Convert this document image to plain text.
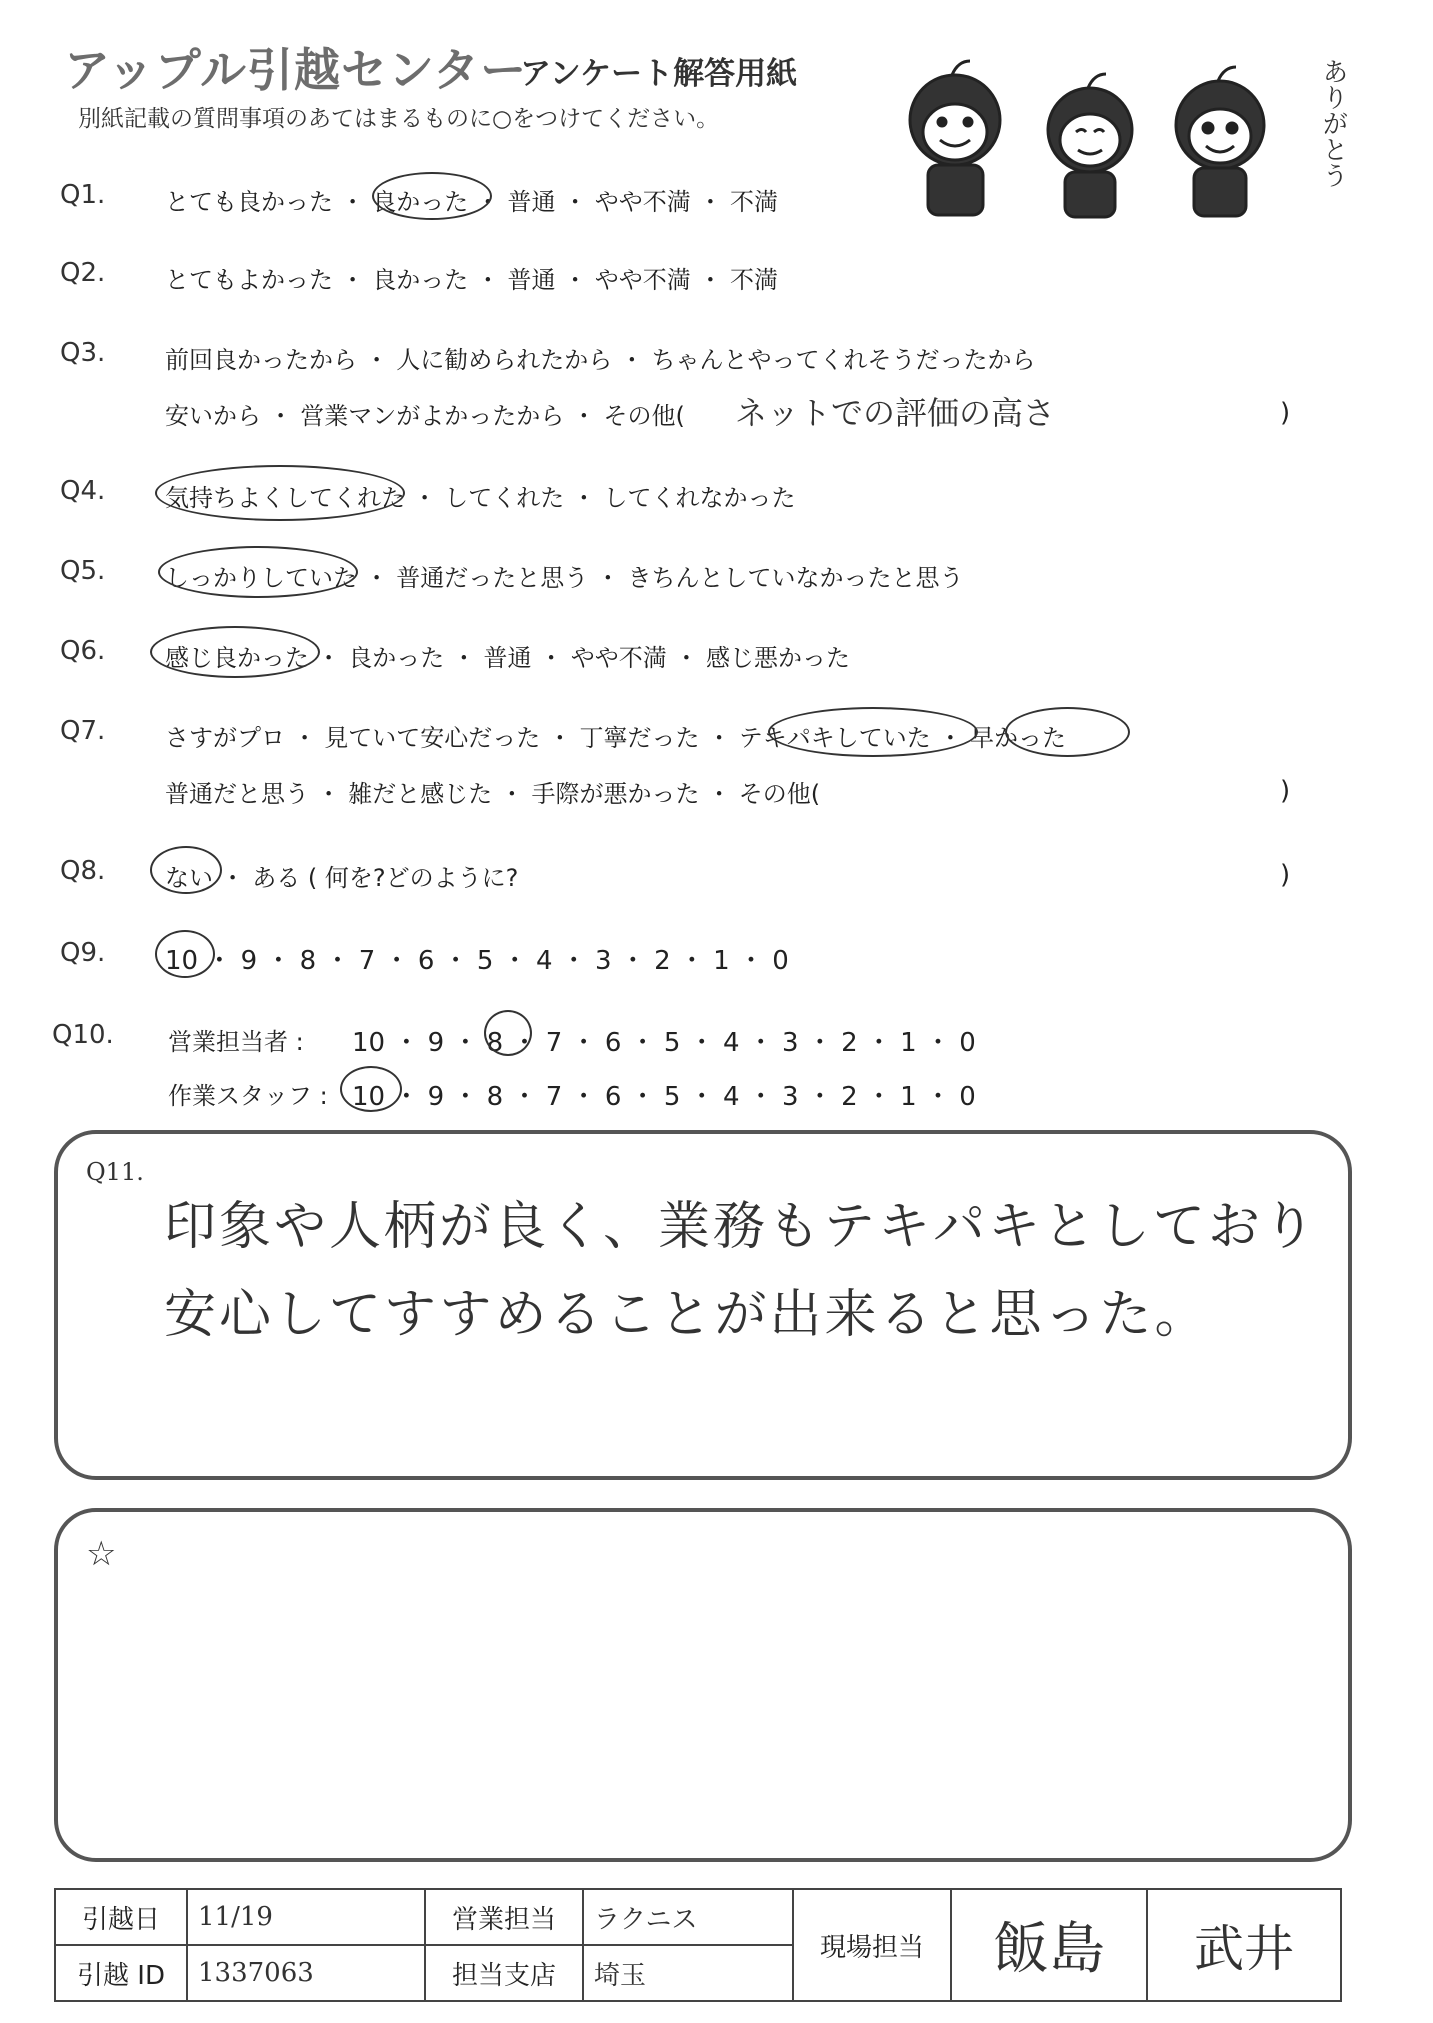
アップル引越センター
アンケート解答用紙
別紙記載の質問事項のあてはまるものに○をつけてください。	ありがとう
Q1. とても良かった ・ 良かった ・ 普通 ・ やや不満 ・ 不満
Q2. とてもよかった ・ 良かった ・ 普通 ・ やや不満 ・ 不満
Q3. 前回良かったから ・ 人に勧められたから ・ ちゃんとやってくれそうだったから
安いから ・ 営業マンがよかったから ・ その他( ネットでの評価の高さ	)
Q4. 気持ちよくしてくれた ・ してくれた ・ してくれなかった
Q5. しっかりしていた ・ 普通だったと思う ・ きちんとしていなかったと思う
Q6. 感じ良かった ・ 良かった ・ 普通 ・ やや不満 ・ 感じ悪かった
Q7. さすがプロ ・ 見ていて安心だった ・ 丁寧だった ・ テキパキしていた ・ 早かった
普通だと思う ・ 雑だと感じた ・ 手際が悪かった ・ その他(	)
Q8. ない ・ ある ( 何を?どのように?	)
Q9. 10 ・ 9 ・ 8 ・ 7 ・ 6 ・ 5 ・ 4 ・ 3 ・ 2 ・ 1 ・ 0
Q10. 営業担当者 : 10 ・ 9 ・ 8 ・ 7 ・ 6 ・ 5 ・ 4 ・ 3 ・ 2 ・ 1 ・ 0
作業スタッフ : 10 ・ 9 ・ 8 ・ 7 ・ 6 ・ 5 ・ 4 ・ 3 ・ 2 ・ 1 ・ 0
Q11.
印象や人柄が良く、業務もテキパキとしており
安心してすすめることが出来ると思った。
☆
引越日	11/19	営業担当	ラクニス	現場担当	飯島	武井
引越 ID	1337063	担当支店	埼玉			
